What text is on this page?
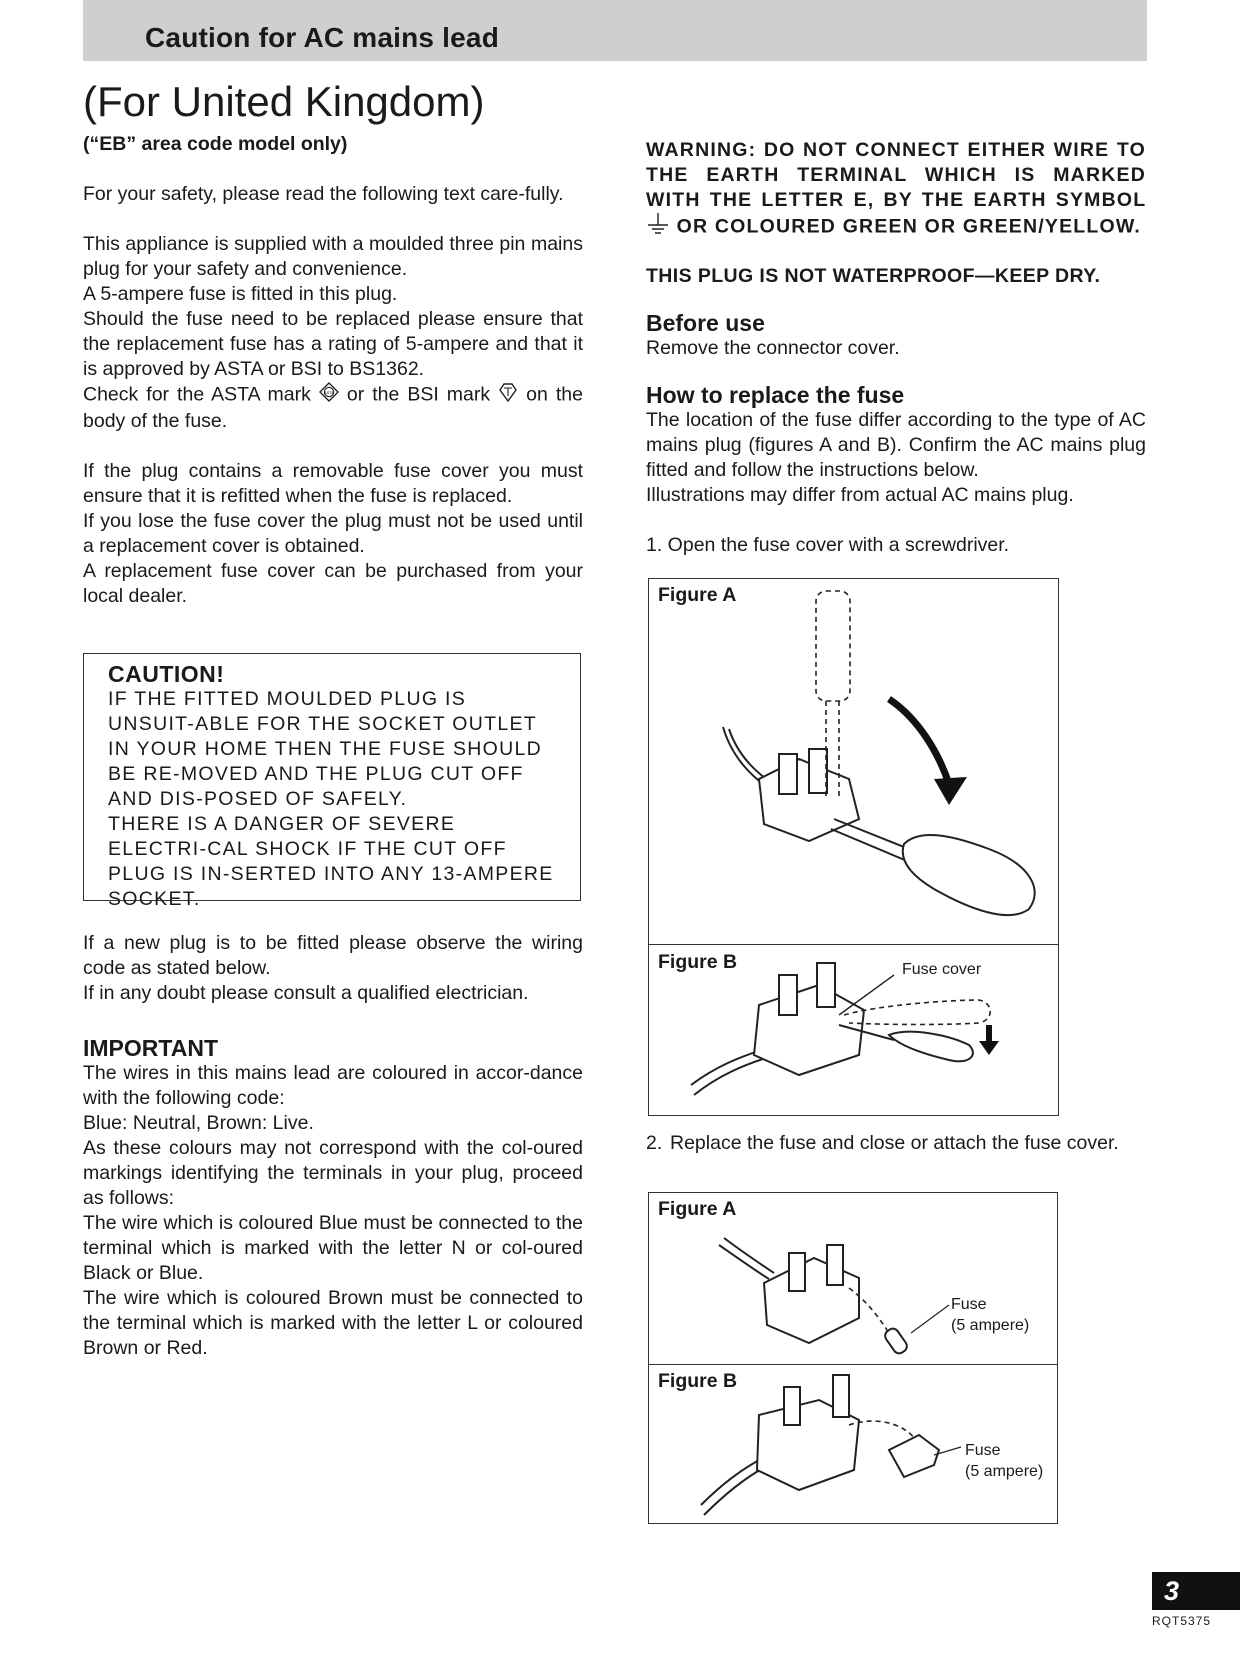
Caution for AC mains lead
(For United Kingdom)

(“EB” area code model only)

For your safety, please read the following text care-fully.

This appliance is supplied with a moulded three pin mains plug for your safety and convenience.

A 5-ampere fuse is fitted in this plug.

Should the fuse need to be replaced please ensure that the replacement fuse has a rating of 5-ampere and that it is approved by ASTA or BSI to BS1362.

Check for the ASTA mark	ASTA or the BSI mark on the body of the fuse.

If the plug contains a removable fuse cover you must ensure that it is refitted when the fuse is replaced.

If you lose the fuse cover the plug must not be used until a replacement cover is obtained.

A replacement fuse cover can be purchased from your local dealer.

CAUTION!

IF THE FITTED MOULDED PLUG IS UNSUIT-ABLE FOR THE SOCKET OUTLET IN YOUR HOME THEN THE FUSE SHOULD BE RE-MOVED AND THE PLUG CUT OFF AND DIS-POSED OF SAFELY.

THERE IS A DANGER OF SEVERE ELECTRI-CAL SHOCK IF THE CUT OFF PLUG IS IN-SERTED INTO ANY 13-AMPERE SOCKET.

If a new plug is to be fitted please observe the wiring code as stated below.

If in any doubt please consult a qualified electrician.

IMPORTANT

The wires in this mains lead are coloured in accor-dance with the following code:

Blue: Neutral, Brown: Live.

As these colours may not correspond with the col-oured markings identifying the terminals in your plug, proceed as follows:

The wire which is coloured Blue must be connected to the terminal which is marked with the letter N or col-oured Black or Blue.

The wire which is coloured Brown must be connected to the terminal which is marked with the letter L or coloured Brown or Red.

WARNING: DO NOT CONNECT EITHER WIRE TO THE EARTH TERMINAL WHICH IS MARKED WITH THE LETTER E, BY THE EARTH SYMBOL  OR COLOURED GREEN OR GREEN/YELLOW.

THIS PLUG IS NOT WATERPROOF—KEEP DRY.

Before use

Remove the connector cover.

How to replace the fuse

The location of the fuse differ according to the type of AC mains plug (figures A and B). Confirm the AC mains plug fitted and follow the instructions below.

Illustrations may differ from actual AC mains plug.

1. Open the fuse cover with a screwdriver.

Figure A
Figure B	Fuse cover
2. Replace the fuse and close or attach the fuse cover.

Figure A
Fuse
(5 ampere)
Figure B
Fuse
(5 ampere)
3
RQT5375
